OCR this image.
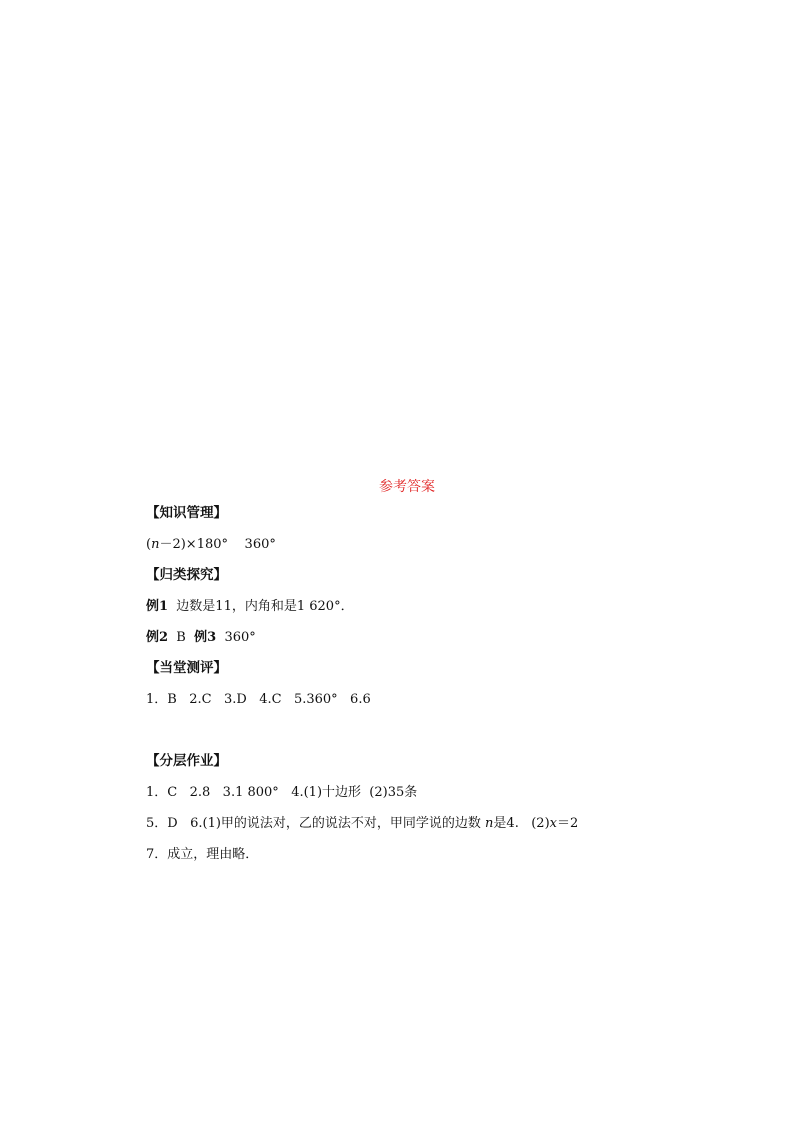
参考答案
【知识管理】
(n－2)×180°    360°
【归类探究】
例1  边数是11，内角和是1 620°．
例2  B  例3  360°
【当堂测评】
1．B   2.C   3.D   4.C   5.360°   6.6
【分层作业】
1．C   2.8   3.1 800°   4.(1)十边形  (2)35条
5．D   6.(1)甲的说法对，乙的说法不对，甲同学说的边数 n是4.   (2)x＝2
7．成立，理由略．
